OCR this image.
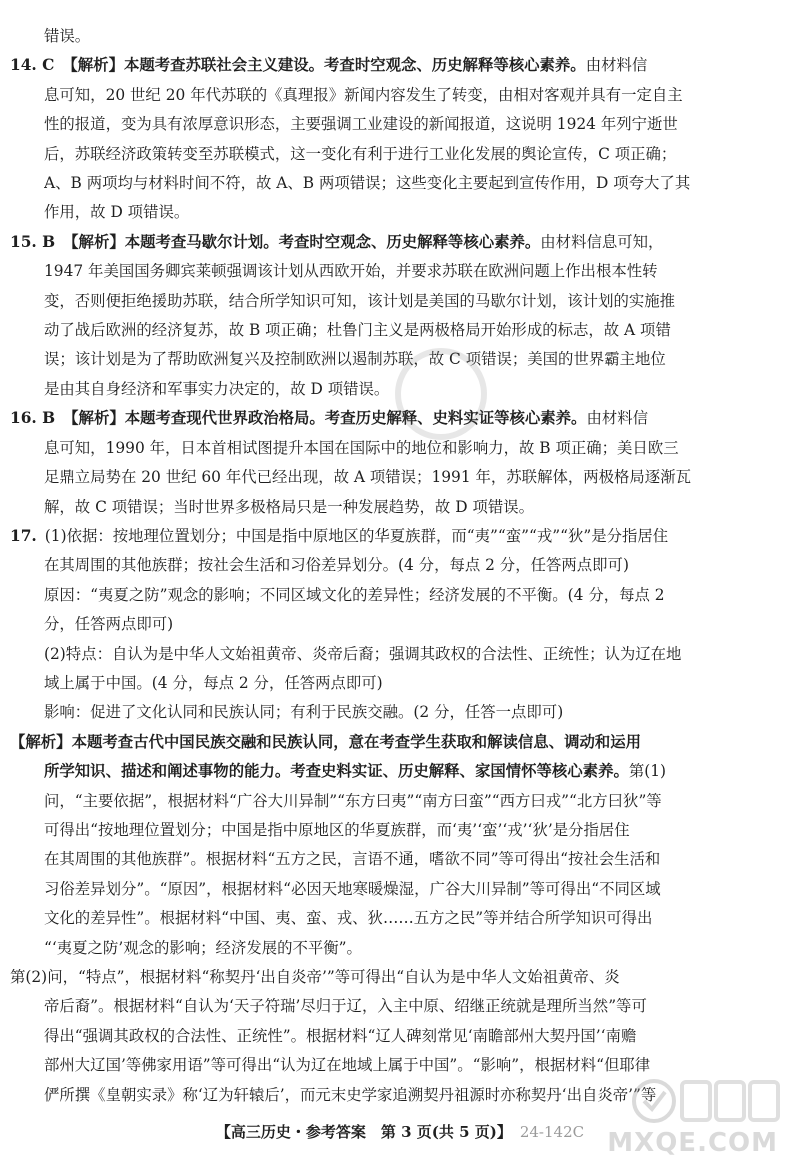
错误。
14. C 【解析】本题考查苏联社会主义建设。考查时空观念、历史解释等核心素养。由材料信
息可知，20 世纪 20 年代苏联的《真理报》新闻内容发生了转变，由相对客观并具有一定自主
性的报道，变为具有浓厚意识形态，主要强调工业建设的新闻报道，这说明 1924 年列宁逝世
后，苏联经济政策转变至苏联模式，这一变化有利于进行工业化发展的舆论宣传，C 项正确；
A、B 两项均与材料时间不符，故 A、B 两项错误；这些变化主要起到宣传作用，D 项夸大了其
作用，故 D 项错误。
15. B 【解析】本题考查马歇尔计划。考查时空观念、历史解释等核心素养。由材料信息可知，
1947 年美国国务卿宾莱顿强调该计划从西欧开始，并要求苏联在欧洲问题上作出根本性转
变，否则便拒绝援助苏联，结合所学知识可知，该计划是美国的马歇尔计划，该计划的实施推
动了战后欧洲的经济复苏，故 B 项正确；杜鲁门主义是两极格局开始形成的标志，故 A 项错
误；该计划是为了帮助欧洲复兴及控制欧洲以遏制苏联，故 C 项错误；美国的世界霸主地位
是由其自身经济和军事实力决定的，故 D 项错误。
16. B 【解析】本题考查现代世界政治格局。考查历史解释、史料实证等核心素养。由材料信
息可知，1990 年，日本首相试图提升本国在国际中的地位和影响力，故 B 项正确；美日欧三
足鼎立局势在 20 世纪 60 年代已经出现，故 A 项错误；1991 年，苏联解体，两极格局逐渐瓦
解，故 C 项错误；当时世界多极格局只是一种发展趋势，故 D 项错误。
17. (1)依据：按地理位置划分；中国是指中原地区的华夏族群，而“夷”“蛮”“戎”“狄”是分指居住
在其周围的其他族群；按社会生活和习俗差异划分。(4 分，每点 2 分，任答两点即可)
原因：“夷夏之防”观念的影响；不同区域文化的差异性；经济发展的不平衡。(4 分，每点 2
分，任答两点即可)
(2)特点：自认为是中华人文始祖黄帝、炎帝后裔；强调其政权的合法性、正统性；认为辽在地
域上属于中国。(4 分，每点 2 分，任答两点即可)
影响：促进了文化认同和民族认同；有利于民族交融。(2 分，任答一点即可)
【解析】本题考查古代中国民族交融和民族认同，意在考查学生获取和解读信息、调动和运用
所学知识、描述和阐述事物的能力。考查史料实证、历史解释、家国情怀等核心素养。第(1)
问，“主要依据”，根据材料“广谷大川异制”“东方曰夷”“南方曰蛮”“西方曰戎”“北方曰狄”等
可得出“按地理位置划分；中国是指中原地区的华夏族群，而‘夷’‘蛮’‘戎’‘狄’是分指居住
在其周围的其他族群”。根据材料“五方之民，言语不通，嗜欲不同”等可得出“按社会生活和
习俗差异划分”。“原因”，根据材料“必因天地寒暖燥湿，广谷大川异制”等可得出“不同区域
文化的差异性”。根据材料“中国、夷、蛮、戎、狄……五方之民”等并结合所学知识可得出
“‘夷夏之防’观念的影响；经济发展的不平衡”。
第(2)问，“特点”，根据材料“称契丹‘出自炎帝’”等可得出“自认为是中华人文始祖黄帝、炎
帝后裔”。根据材料“自认为‘天子符瑞’尽归于辽，入主中原、绍继正统就是理所当然”等可
得出“强调其政权的合法性、正统性”。根据材料“辽人碑刻常见‘南瞻部州大契丹国’‘南赡
部州大辽国’等佛家用语”等可得出“认为辽在地域上属于中国”。“影响”，根据材料“但耶律
俨所撰《皇朝实录》称‘辽为轩辕后’，而元末史学家追溯契丹祖源时亦称契丹‘出自炎帝’”等
【高三历史・参考答案　第 3 页(共 5 页)】 24-142C MXQE.COM
